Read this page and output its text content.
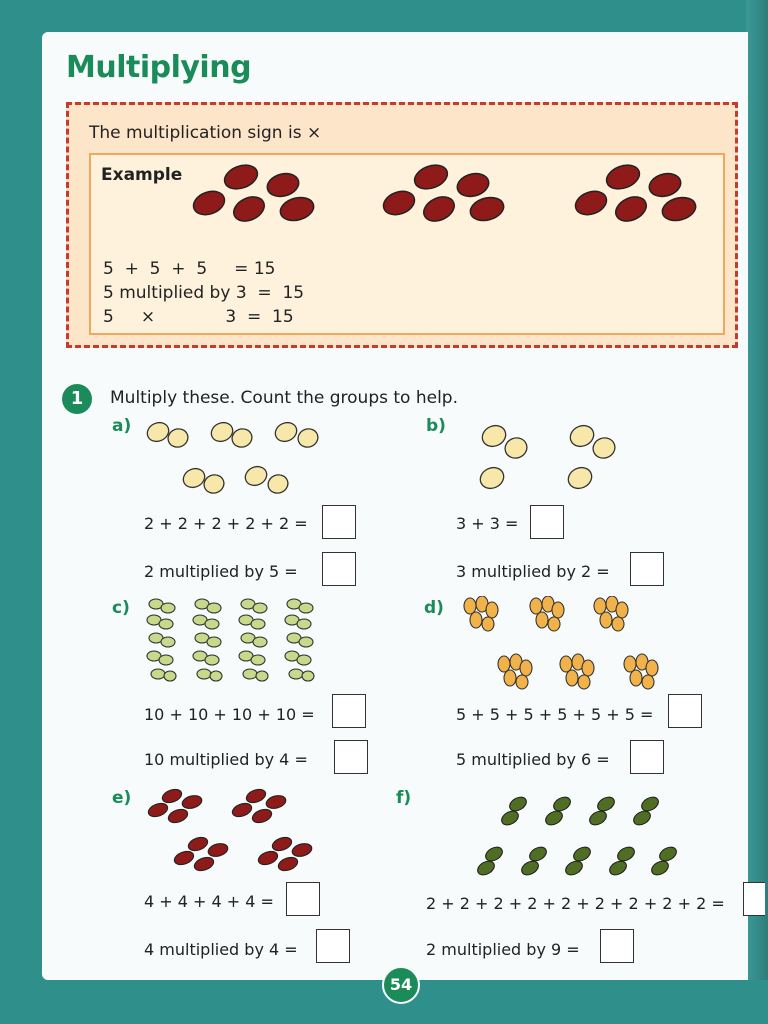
Multiplying
The multiplication sign is ×
Example
5  +  5  +  5     = 15
5 multiplied by 3  =  15
5     ×             3  =  15
1	Multiply these. Count the groups to help.
a)
2 + 2 + 2 + 2 + 2 =
2 multiplied by 5 =
b)
3 + 3 =
3 multiplied by 2 =
c)
10 + 10 + 10 + 10 =
10 multiplied by 4 =
d)
5 + 5 + 5 + 5 + 5 + 5 =
5 multiplied by 6 =
e)
4 + 4 + 4 + 4 =
4 multiplied by 4 =
f)
2 + 2 + 2 + 2 + 2 + 2 + 2 + 2 + 2 =
2 multiplied by 9 =
54
